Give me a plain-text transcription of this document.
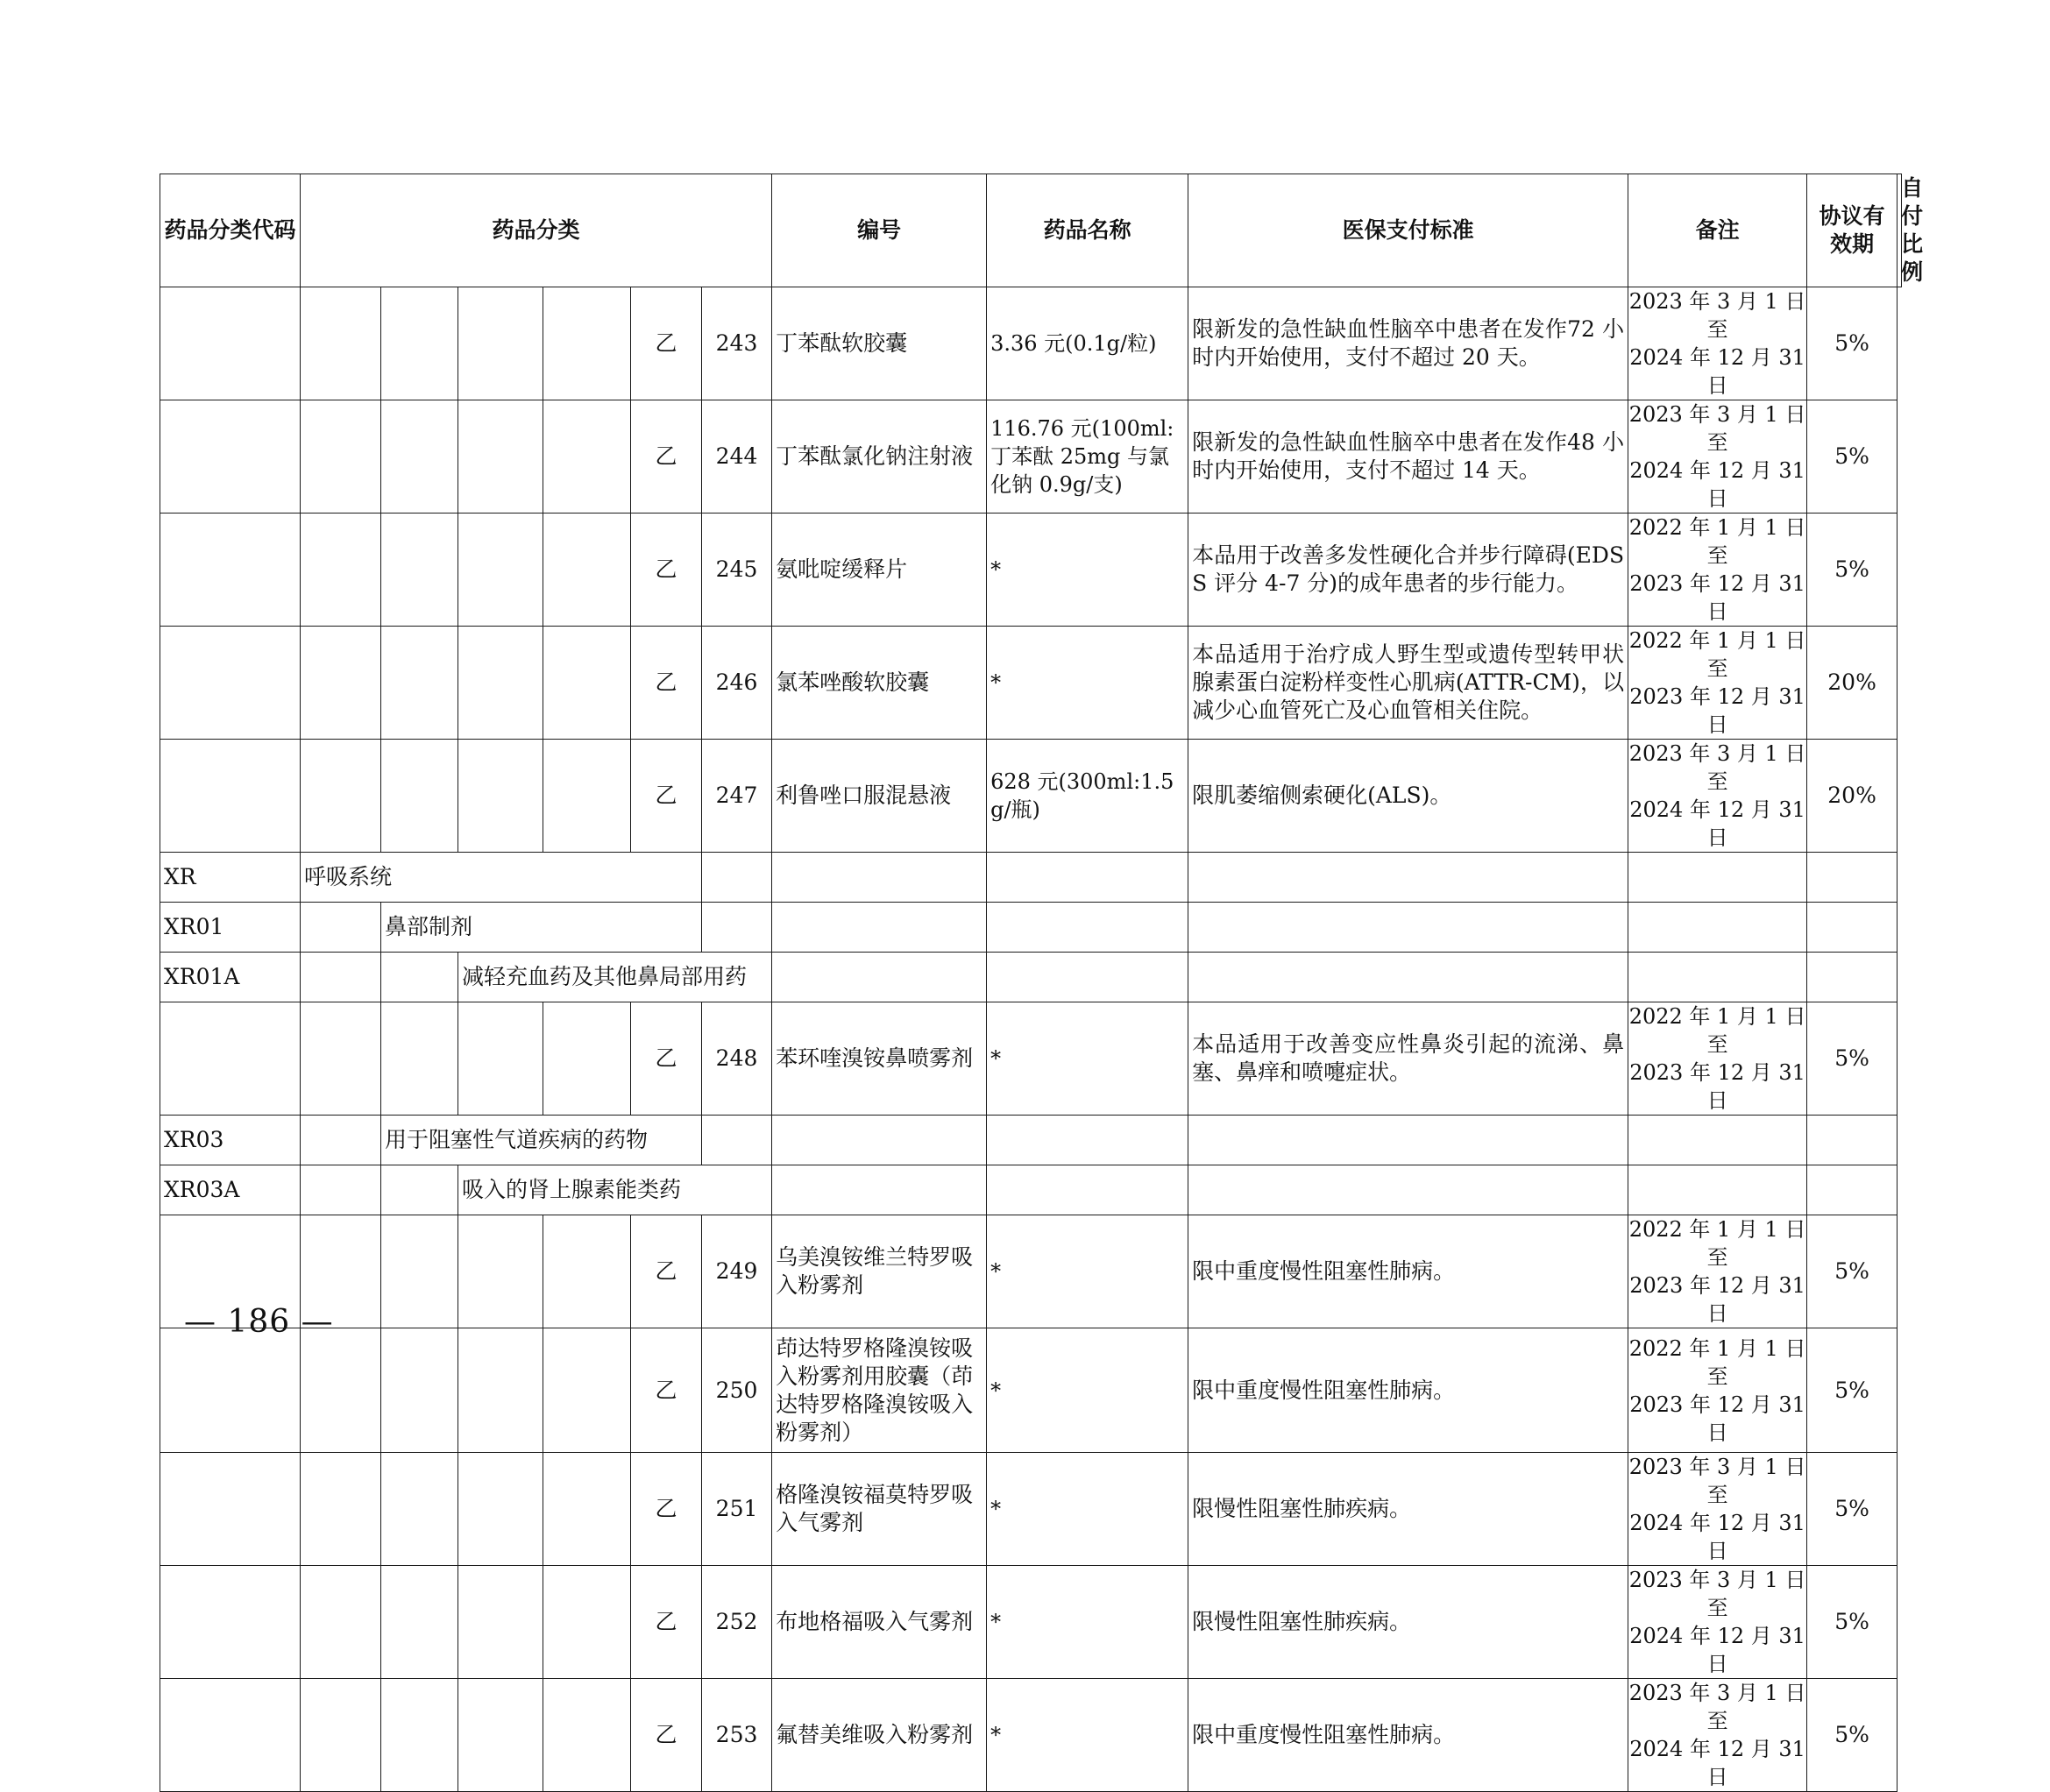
药品分类代码	药品分类						编号	药品名称	医保支付标准	备注	协议有效期	自付比例
					乙	243	丁苯酞软胶囊	3.36 元(0.1g/粒)	限新发的急性缺血性脑卒中患者在发作72 小时内开始使用，支付不超过 20 天。	2023 年 3 月 1 日至
2024 年 12 月 31 日	5%	
					乙	244	丁苯酞氯化钠注射液	116.76 元(100ml:丁苯酞 25mg 与氯化钠 0.9g/支)	限新发的急性缺血性脑卒中患者在发作48 小时内开始使用，支付不超过 14 天。	2023 年 3 月 1 日至
2024 年 12 月 31 日	5%	
					乙	245	氨吡啶缓释片	*	本品用于改善多发性硬化合并步行障碍(EDSS 评分 4-7 分)的成年患者的步行能力。	2022 年 1 月 1 日至
2023 年 12 月 31 日	5%	
					乙	246	氯苯唑酸软胶囊	*	本品适用于治疗成人野生型或遗传型转甲状腺素蛋白淀粉样变性心肌病(ATTR-CM)，以减少心血管死亡及心血管相关住院。	2022 年 1 月 1 日至
2023 年 12 月 31 日	20%	
					乙	247	利鲁唑口服混悬液	628 元(300ml:1.5g/瓶)	限肌萎缩侧索硬化(ALS)。	2023 年 3 月 1 日至
2024 年 12 月 31 日	20%	
XR	呼吸系统											
XR01		鼻部制剂										
XR01A			减轻充血药及其他鼻局部用药									
					乙	248	苯环喹溴铵鼻喷雾剂	*	本品适用于改善变应性鼻炎引起的流涕、鼻塞、鼻痒和喷嚏症状。	2022 年 1 月 1 日至
2023 年 12 月 31 日	5%	
XR03		用于阻塞性气道疾病的药物										
XR03A			吸入的肾上腺素能类药									
					乙	249	乌美溴铵维兰特罗吸入粉雾剂	*	限中重度慢性阻塞性肺病。	2022 年 1 月 1 日至
2023 年 12 月 31 日	5%	
					乙	250	茚达特罗格隆溴铵吸入粉雾剂用胶囊（茚达特罗格隆溴铵吸入粉雾剂）	*	限中重度慢性阻塞性肺病。	2022 年 1 月 1 日至
2023 年 12 月 31 日	5%	
					乙	251	格隆溴铵福莫特罗吸入气雾剂	*	限慢性阻塞性肺疾病。	2023 年 3 月 1 日至
2024 年 12 月 31 日	5%	
					乙	252	布地格福吸入气雾剂	*	限慢性阻塞性肺疾病。	2023 年 3 月 1 日至
2024 年 12 月 31 日	5%	
					乙	253	氟替美维吸入粉雾剂	*	限中重度慢性阻塞性肺病。	2023 年 3 月 1 日至
2024 年 12 月 31 日	5%	
— 186 —
